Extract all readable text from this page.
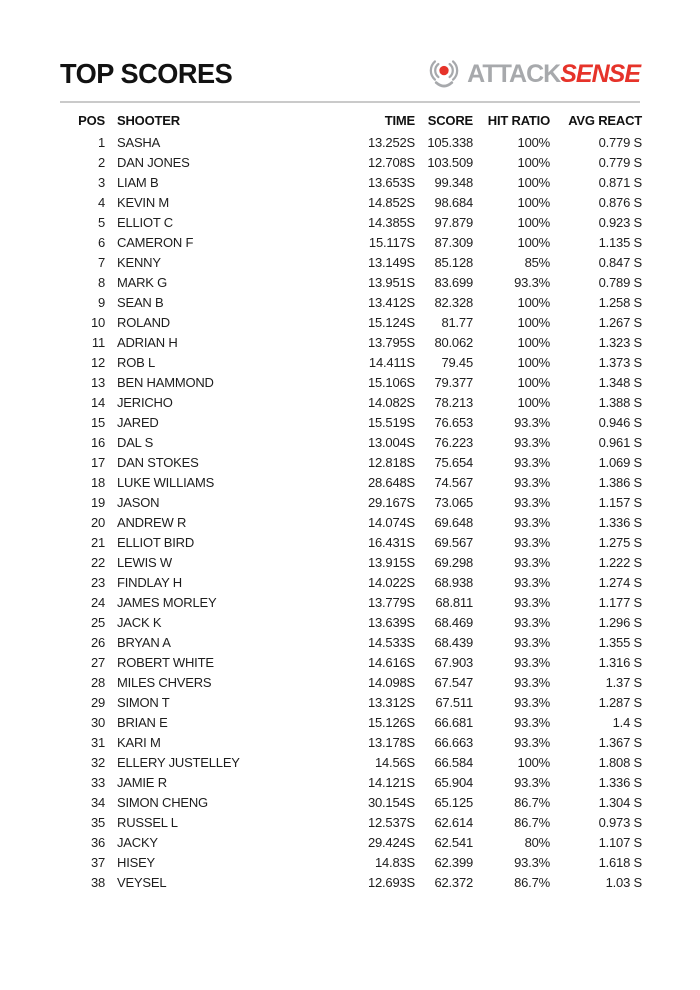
TOP SCORES	ATTACKSENSE
POS	SHOOTER	TIME	SCORE	HIT RATIO	AVG REACT
1	SASHA	13.252S	105.338	100%	0.779 S
2	DAN JONES	12.708S	103.509	100%	0.779 S
3	LIAM B	13.653S	99.348	100%	0.871 S
4	KEVIN M	14.852S	98.684	100%	0.876 S
5	ELLIOT C	14.385S	97.879	100%	0.923 S
6	CAMERON F	15.117S	87.309	100%	1.135 S
7	KENNY	13.149S	85.128	85%	0.847 S
8	MARK G	13.951S	83.699	93.3%	0.789 S
9	SEAN B	13.412S	82.328	100%	1.258 S
10	ROLAND	15.124S	81.77	100%	1.267 S
11	ADRIAN H	13.795S	80.062	100%	1.323 S
12	ROB L	14.411S	79.45	100%	1.373 S
13	BEN HAMMOND	15.106S	79.377	100%	1.348 S
14	JERICHO	14.082S	78.213	100%	1.388 S
15	JARED	15.519S	76.653	93.3%	0.946 S
16	DAL S	13.004S	76.223	93.3%	0.961 S
17	DAN STOKES	12.818S	75.654	93.3%	1.069 S
18	LUKE WILLIAMS	28.648S	74.567	93.3%	1.386 S
19	JASON	29.167S	73.065	93.3%	1.157 S
20	ANDREW R	14.074S	69.648	93.3%	1.336 S
21	ELLIOT BIRD	16.431S	69.567	93.3%	1.275 S
22	LEWIS W	13.915S	69.298	93.3%	1.222 S
23	FINDLAY H	14.022S	68.938	93.3%	1.274 S
24	JAMES MORLEY	13.779S	68.811	93.3%	1.177 S
25	JACK K	13.639S	68.469	93.3%	1.296 S
26	BRYAN A	14.533S	68.439	93.3%	1.355 S
27	ROBERT WHITE	14.616S	67.903	93.3%	1.316 S
28	MILES CHVERS	14.098S	67.547	93.3%	1.37 S
29	SIMON T	13.312S	67.511	93.3%	1.287 S
30	BRIAN E	15.126S	66.681	93.3%	1.4 S
31	KARI M	13.178S	66.663	93.3%	1.367 S
32	ELLERY JUSTELLEY	14.56S	66.584	100%	1.808 S
33	JAMIE R	14.121S	65.904	93.3%	1.336 S
34	SIMON CHENG	30.154S	65.125	86.7%	1.304 S
35	RUSSEL L	12.537S	62.614	86.7%	0.973 S
36	JACKY	29.424S	62.541	80%	1.107 S
37	HISEY	14.83S	62.399	93.3%	1.618 S
38	VEYSEL	12.693S	62.372	86.7%	1.03 S
